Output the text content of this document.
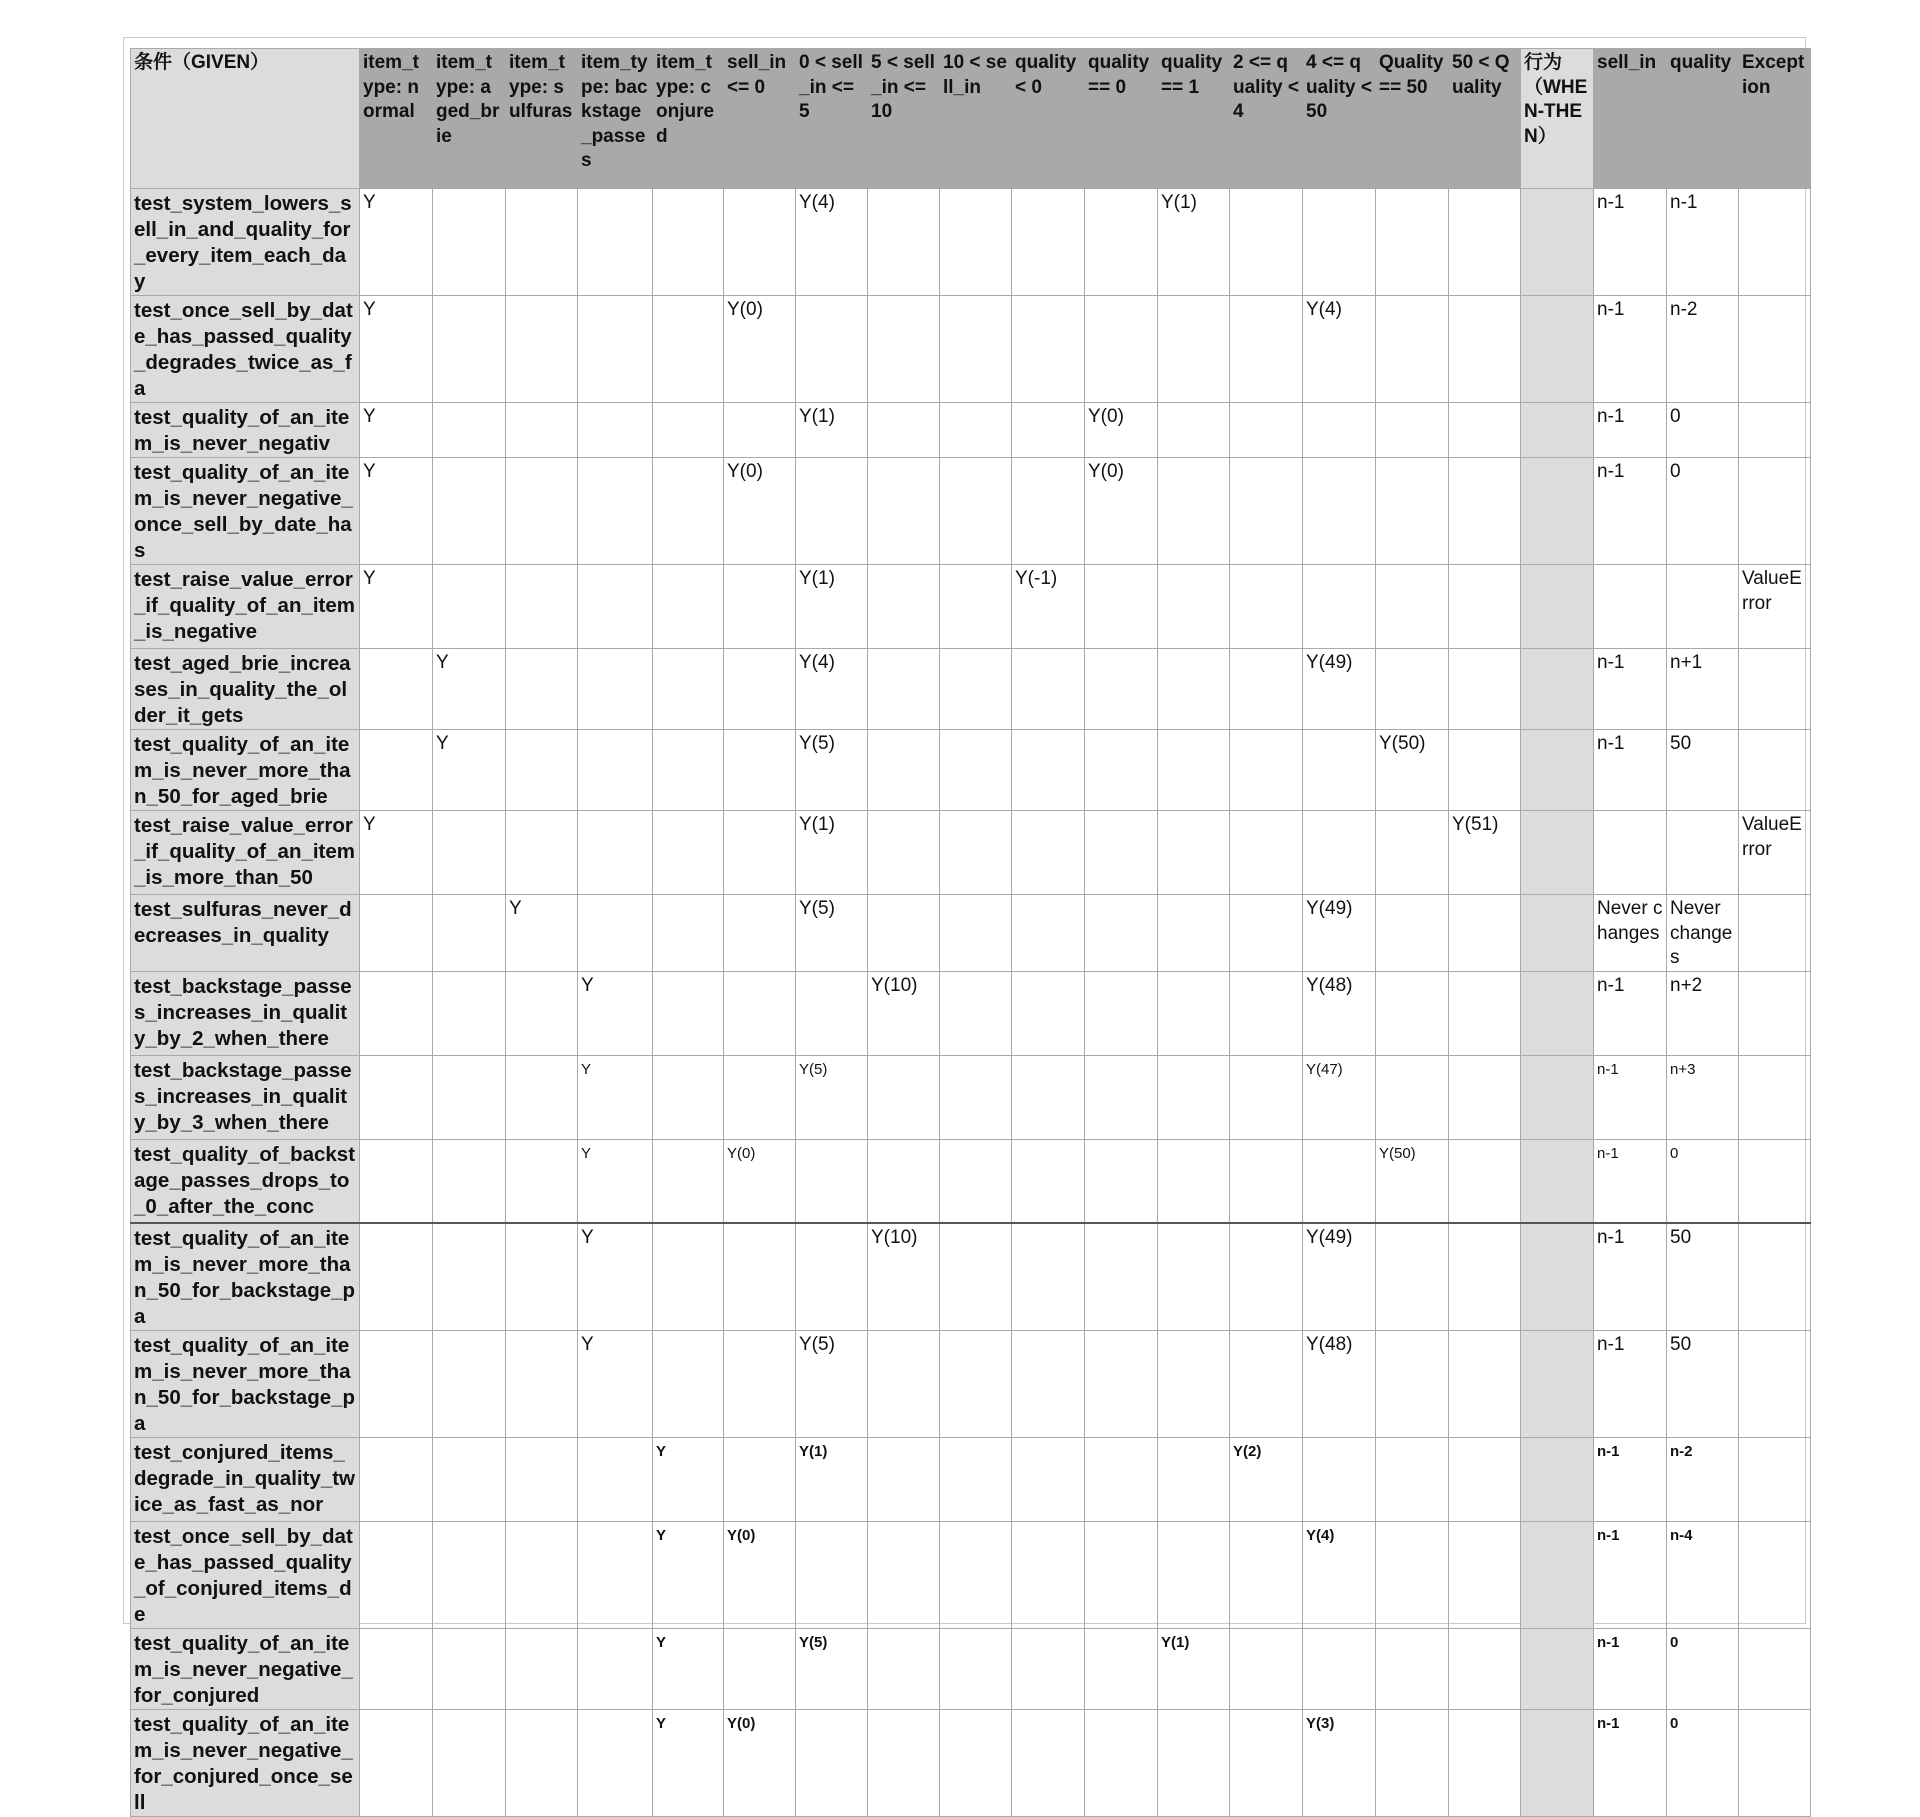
条件（GIVEN）	item_type: normal	item_type: aged_brie	item_type: sulfuras	item_type: backstage_passes	item_type: conjured	sell_in <= 0	0 < sell_in <= 5	5 < sell_in <= 10	10 < sell_in	quality < 0	quality == 0	quality == 1	2 <= quality < 4	4 <= quality < 50	Quality == 50	50 < Quality	行为（WHEN-THEN）	sell_in	quality	Exception
test_system_lowers_sell_in_and_quality_for_every_item_each_day	Y						Y(4)					Y(1)						n-1	n-1	
test_once_sell_by_date_has_passed_quality_degrades_twice_as_fa	Y					Y(0)								Y(4)				n-1	n-2	
test_quality_of_an_item_is_never_negativ	Y						Y(1)				Y(0)							n-1	0	
test_quality_of_an_item_is_never_negative_once_sell_by_date_has	Y					Y(0)					Y(0)							n-1	0	
test_raise_value_error_if_quality_of_an_item_is_negative	Y						Y(1)			Y(-1)										ValueError
test_aged_brie_increases_in_quality_the_older_it_gets		Y					Y(4)							Y(49)				n-1	n+1	
test_quality_of_an_item_is_never_more_than_50_for_aged_brie		Y					Y(5)								Y(50)			n-1	50	
test_raise_value_error_if_quality_of_an_item_is_more_than_50	Y						Y(1)									Y(51)				ValueError
test_sulfuras_never_decreases_in_quality			Y				Y(5)							Y(49)				Never changes	Never changes	
test_backstage_passes_increases_in_quality_by_2_when_there				Y				Y(10)						Y(48)				n-1	n+2	
test_backstage_passes_increases_in_quality_by_3_when_there				Y			Y(5)							Y(47)				n-1	n+3	
test_quality_of_backstage_passes_drops_to_0_after_the_conc				Y		Y(0)									Y(50)			n-1	0	
test_quality_of_an_item_is_never_more_than_50_for_backstage_pa				Y				Y(10)						Y(49)				n-1	50	
test_quality_of_an_item_is_never_more_than_50_for_backstage_pa				Y			Y(5)							Y(48)				n-1	50	
test_conjured_items_degrade_in_quality_twice_as_fast_as_nor					Y		Y(1)						Y(2)					n-1	n-2	
test_once_sell_by_date_has_passed_quality_of_conjured_items_de					Y	Y(0)								Y(4)				n-1	n-4	
test_quality_of_an_item_is_never_negative_for_conjured					Y		Y(5)					Y(1)						n-1	0	
test_quality_of_an_item_is_never_negative_for_conjured_once_sell					Y	Y(0)								Y(3)				n-1	0	
